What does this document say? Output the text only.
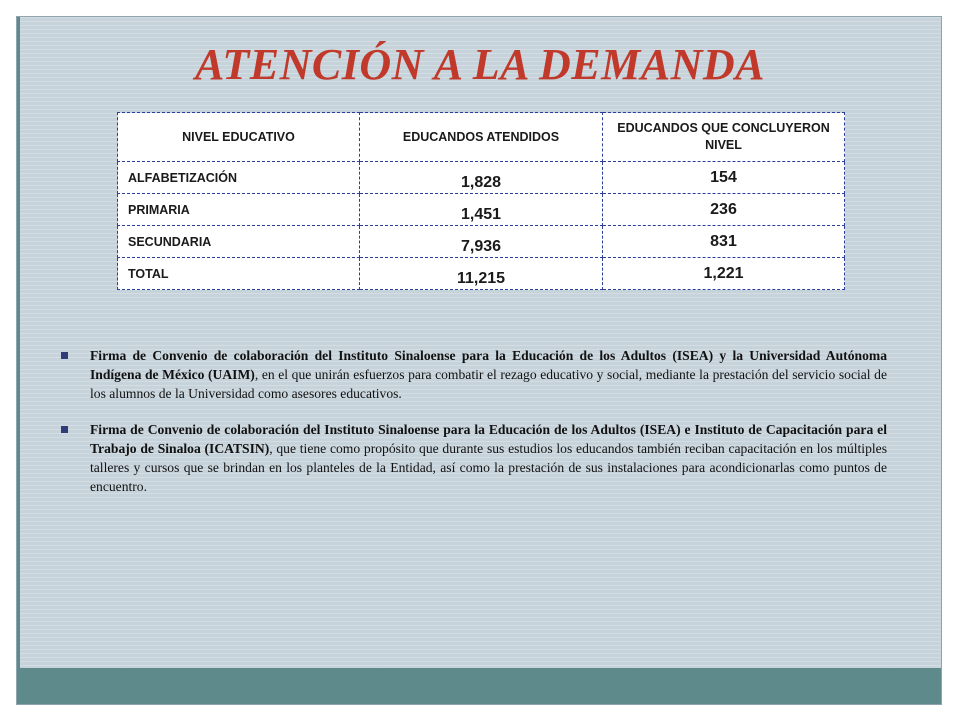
ATENCIÓN A LA DEMANDA
NIVEL EDUCATIVO	EDUCANDOS ATENDIDOS	EDUCANDOS QUE CONCLUYERON NIVEL
ALFABETIZACIÓN	1,828	154
PRIMARIA	1,451	236
SECUNDARIA	7,936	831
TOTAL	11,215	1,221
Firma de Convenio de colaboración del Instituto Sinaloense para la Educación de los Adultos (ISEA) y la Universidad Autónoma Indígena de México (UAIM), en el que unirán esfuerzos para combatir el rezago educativo y social, mediante la prestación del servicio social de los alumnos de la Universidad como asesores educativos.
Firma de Convenio de colaboración del Instituto Sinaloense para la Educación de los Adultos (ISEA) e Instituto de Capacitación para el Trabajo de Sinaloa (ICATSIN), que tiene como propósito que durante sus estudios los educandos también reciban capacitación en los múltiples talleres y cursos que se brindan en los planteles de la Entidad, así como la prestación de sus instalaciones para acondicionarlas como puntos de encuentro.
